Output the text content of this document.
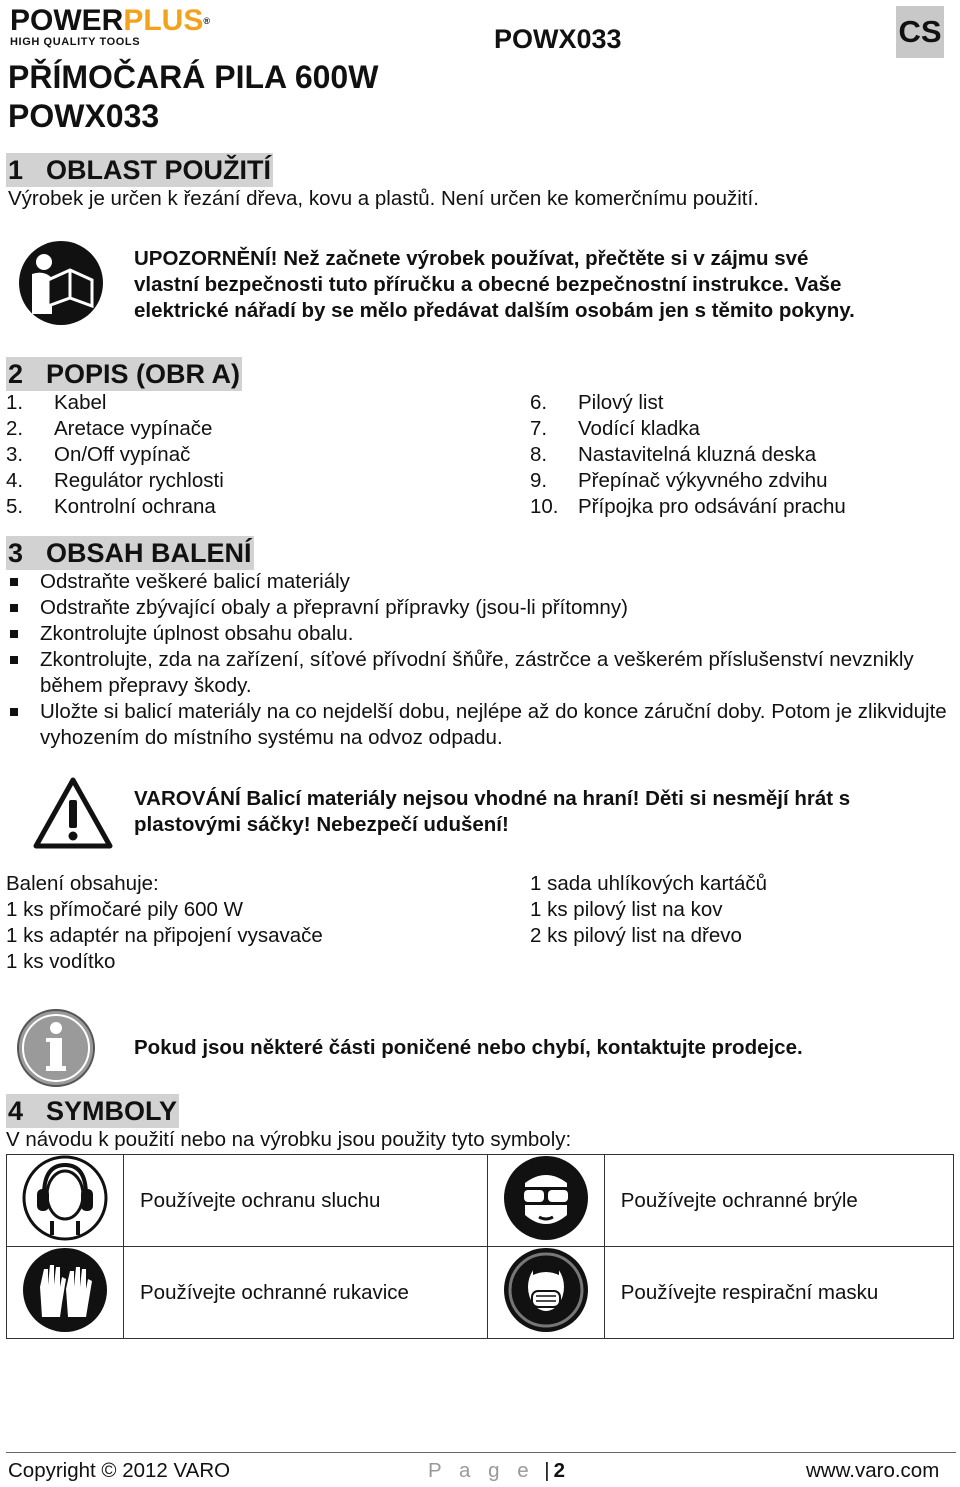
POWERPLUS®
HIGH QUALITY TOOLS	POWX033	CS
PŘÍMOČARÁ PILA 600W
POWX033
1 OBLAST POUŽITÍ
Výrobek je určen k řezání dřeva, kovu a plastů. Není určen ke komerčnímu použití.
UPOZORNĚNÍ! Než začnete výrobek používat, přečtěte si v zájmu své
vlastní bezpečnosti tuto příručku a obecné bezpečnostní instrukce. Vaše
elektrické nářadí by se mělo předávat dalším osobám jen s těmito pokyny.
2 POPIS (OBR A)
1. Kabel
2. Aretace vypínače
3. On/Off vypínač
4. Regulátor rychlosti
5. Kontrolní ochrana
6. Pilový list
7. Vodící kladka
8. Nastavitelná kluzná deska
9. Přepínač výkyvného zdvihu
10. Přípojka pro odsávání prachu
3 OBSAH BALENÍ
Odstraňte veškeré balicí materiály
Odstraňte zbývající obaly a přepravní přípravky (jsou-li přítomny)
Zkontrolujte úplnost obsahu obalu.
Zkontrolujte, zda na zařízení, síťové přívodní šňůře, zástrčce a veškerém příslušenství nevznikly během přepravy škody.
Uložte si balicí materiály na co nejdelší dobu, nejlépe až do konce záruční doby. Potom je zlikvidujte vyhozením do místního systému na odvoz odpadu.
VAROVÁNÍ Balicí materiály nejsou vhodné na hraní! Děti si nesmějí hrát s
plastovými sáčky! Nebezpečí udušení!
Balení obsahuje:
1 ks přímočaré pily 600 W
1 ks adaptér na připojení vysavače
1 ks vodítko
1 sada uhlíkových kartáčů
1 ks pilový list na kov
2 ks pilový list na dřevo
Pokud jsou některé části poničené nebo chybí, kontaktujte prodejce.
4 SYMBOLY
V návodu k použití nebo na výrobku jsou použity tyto symboly:
	Používejte ochranu sluchu		Používejte ochranné brýle

	Používejte ochranné rukavice		Používejte respirační masku
Copyright © 2012 VARO	P a g e | 2	www.varo.com
